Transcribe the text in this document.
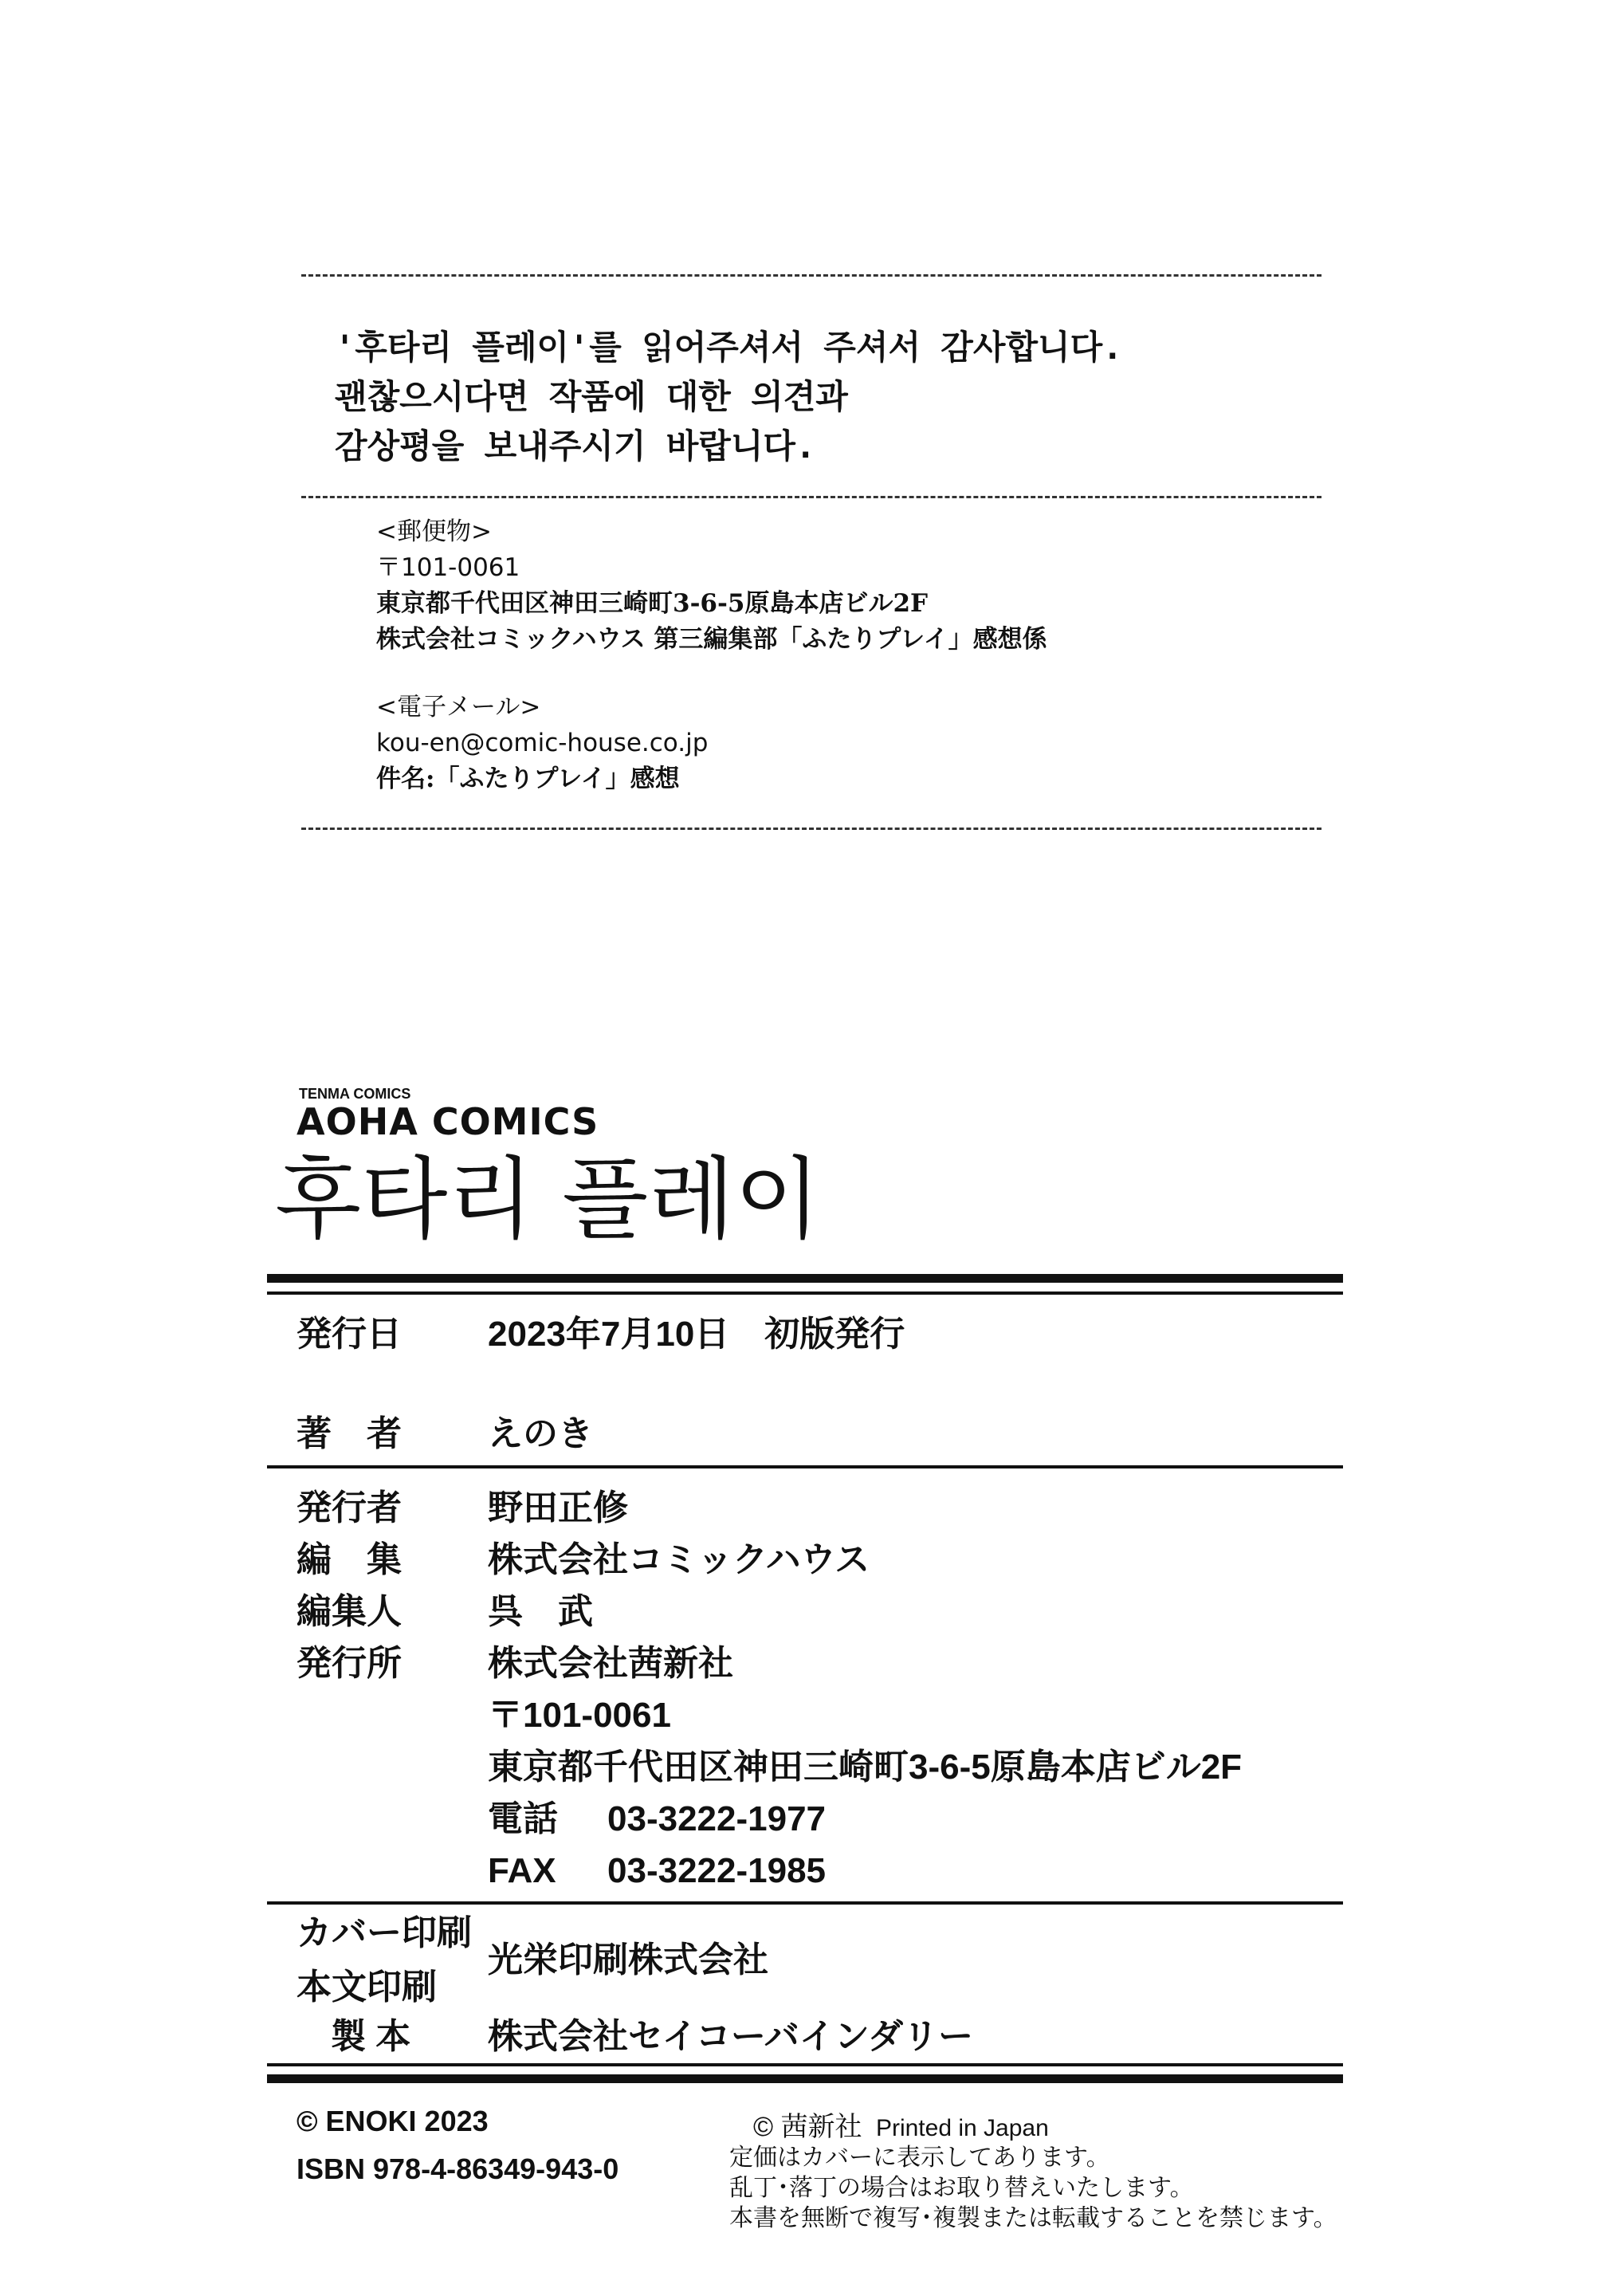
'후타리 플레이'를 읽어주셔서 주셔서 감사합니다.
괜찮으시다면 작품에 대한 의견과
감상평을 보내주시기 바랍니다.
<郵便物>
〒101-0061
東京都千代田区神田三崎町3-6-5原島本店ビル2F
株式会社コミックハウス 第三編集部「ふたりプレイ」感想係
<電子メール>
kou-en@comic-house.co.jp
件名:「ふたりプレイ」感想
TENMA COMICS
AOHA COMICS
후타리 플레이
発行日 2023年7月10日　初版発行
著　者 えのき
発行者 野田正修
編　集 株式会社コミックハウス
編集人 呉　武
発行所 株式会社茜新社
〒101-0061
東京都千代田区神田三崎町3-6-5原島本店ビル2F
電話 03-3222-1977
FAX 03-3222-1985
カバー印刷
光栄印刷株式会社
本文印刷
製 本 株式会社セイコーバインダリー
© ENOKI 2023
ISBN 978-4-86349-943-0
© 茜新社 Printed in Japan
定価はカバーに表示してあります。
乱丁･落丁の場合はお取り替えいたします。
本書を無断で複写･複製または転載することを禁じます。
